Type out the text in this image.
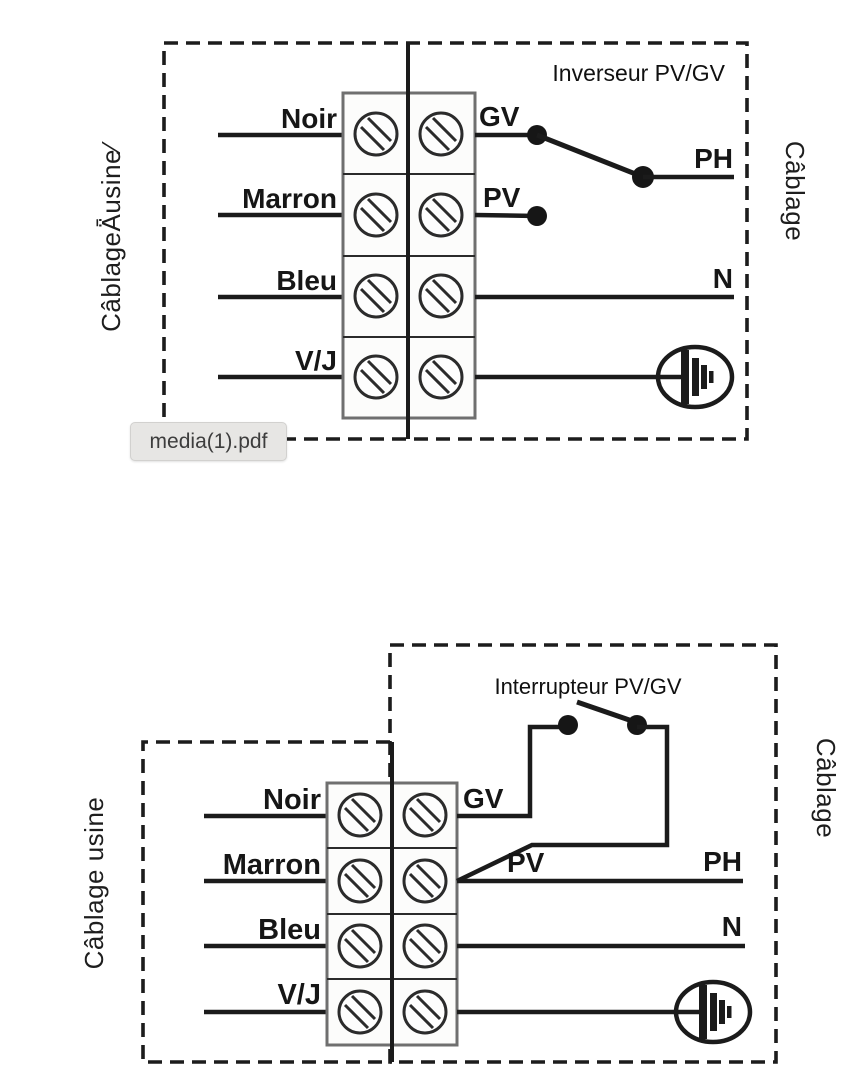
Inverseur PV/GV
Noir
Marron
Bleu
V/J
GV
PV
PH
N
CâblageǞusine⁄	Câblage
Interrupteur PV/GV
Noir
Marron
Bleu
V/J
GV
PV	PH
N
Câblage usine
Câblage
media(1).pdf
